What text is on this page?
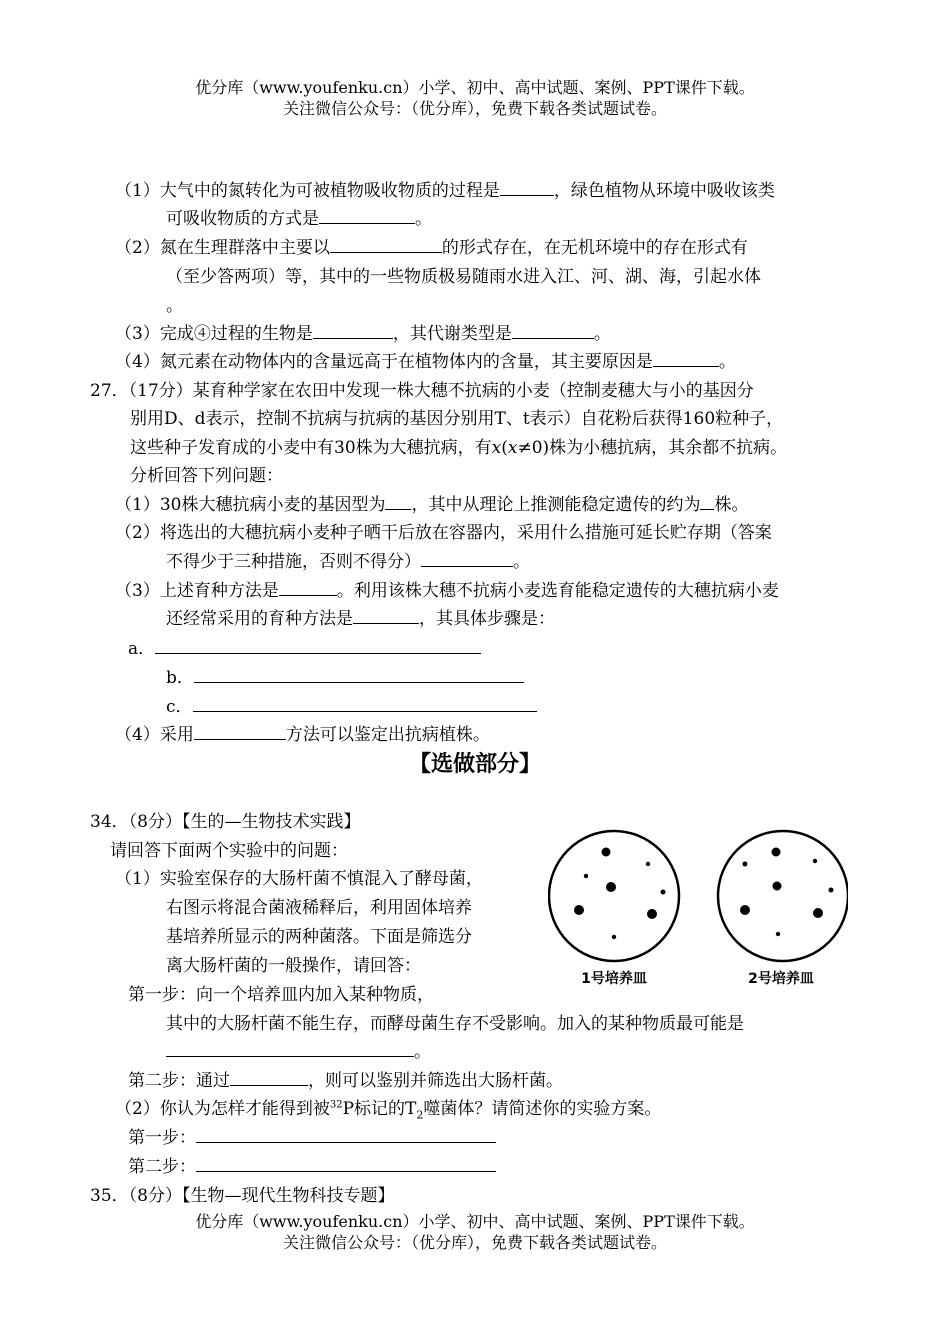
优分库（www.youfenku.cn）小学、初中、高中试题、案例、PPT课件下载。
关注微信公众号：（优分库），免费下载各类试题试卷。
（1）大气中的氮转化为可被植物吸收物质的过程是	，绿色植物从环境中吸收该类
可吸收物质的方式是	。
（2）氮在生理群落中主要以	的形式存在，在无机环境中的存在形式有
（至少答两项）等，其中的一些物质极易随雨水进入江、河、湖、海，引起水体
。
（3）完成④过程的生物是	，其代谢类型是	。
（4）氮元素在动物体内的含量远高于在植物体内的含量，其主要原因是	。
27．（17分）某育种学家在农田中发现一株大穗不抗病的小麦（控制麦穗大与小的基因分
别用D、d表示，控制不抗病与抗病的基因分别用T、t表示）自花粉后获得160粒种子，
这些种子发育成的小麦中有30株为大穗抗病，有x(x≠0)株为小穗抗病，其余都不抗病。
分析回答下列问题：
（1）30株大穗抗病小麦的基因型为 ，其中从理论上推测能稳定遗传的约为 株。
（2）将选出的大穗抗病小麦种子晒干后放在容器内，采用什么措施可延长贮存期（答案
不得少于三种措施，否则不得分）	。
（3）上述育种方法是	。利用该株大穗不抗病小麦选育能稳定遗传的大穗抗病小麦
还经常采用的育种方法是	，其具体步骤是：
a．
b．
c．
（4）采用	方法可以鉴定出抗病植株。
【选做部分】
34．（8分）【生的—生物技术实践】
请回答下面两个实验中的问题：
（1）实验室保存的大肠杆菌不慎混入了酵母菌，
右图示将混合菌液稀释后，利用固体培养
基培养所显示的两种菌落。下面是筛选分
离大肠杆菌的一般操作，请回答：
第一步：向一个培养皿内加入某种物质，
其中的大肠杆菌不能生存，而酵母菌生存不受影响。加入的某种物质最可能是
。
第二步：通过	，则可以鉴别并筛选出大肠杆菌。
（2）你认为怎样才能得到被$^{32}$P标记的$T_2$噬菌体？请简述你的实验方案。
第一步：
第二步：
1号培养皿	2号培养皿
35．（8分）【生物—现代生物科技专题】
优分库（www.youfenku.cn）小学、初中、高中试题、案例、PPT课件下载。
关注微信公众号：（优分库），免费下载各类试题试卷。
